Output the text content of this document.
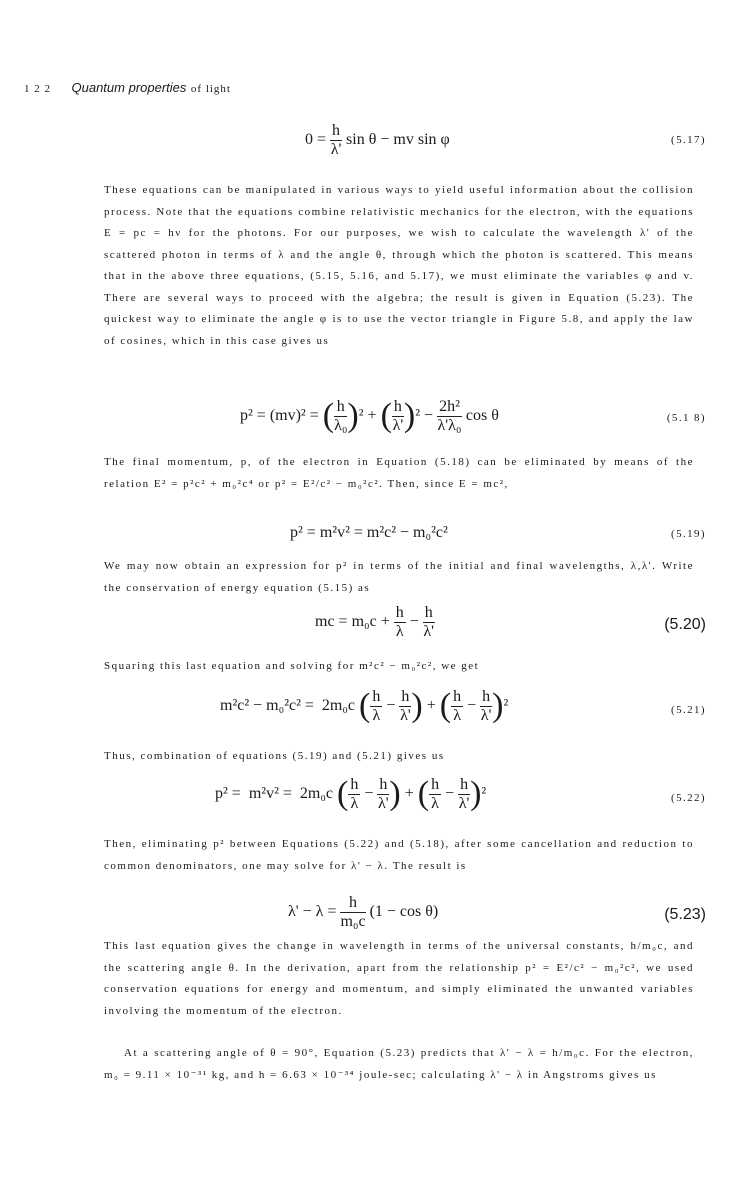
1 2 2 Quantum properties of light
$0 = \frac{h}{\lambda'}$ sin θ − mv sin φ	(5.17)
These equations can be manipulated in various ways to yield useful information about the collision process. Note that the equations combine relativistic mechanics for the electron, with the equations E = pc = hν for the photons. For our purposes, we wish to calculate the wavelength λ' of the scattered photon in terms of λ and the angle θ, through which the photon is scattered. This means that in the above three equations, (5.15, 5.16, and 5.17), we must eliminate the variables φ and v. There are several ways to proceed with the algebra; the result is given in Equation (5.23). The quickest way to eliminate the angle φ is to use the vector triangle in Figure 5.8, and apply the law of cosines, which in this case gives us
p² = (mv)² = ( $\frac{h}{\text{λ₀}} )^2$ + ( $\frac{h}{\lambda'} )^2 - \frac{\text{2h²}}{\text{λ'λ₀}}$ cos θ	(5.1 8)
The final momentum, p, of the electron in Equation (5.18) can be eliminated by means of the relation E² = p²c² + m₀²c⁴ or p² = E²/c² − m₀²c². Then, since E = mc²,
p² = m²v² = m²c² − m₀²c²	(5.19)
We may now obtain an expression for p² in terms of the initial and final wavelengths, λ,λ'. Write the conservation of energy equation (5.15) as
mc = $m_0c + \frac{h}{\lambda} - \frac{h}{\lambda'}$	(5.20)
Squaring this last equation and solving for m²c² − m₀²c², we get
m²c² − m₀²c² =  2m₀c ( $\frac{h}{\lambda} - \frac{h}{\lambda'}$ ) + ( $\frac{h}{\lambda} - \frac{h}{\lambda'} )^2$	(5.21)
Thus, combination of equations (5.19) and (5.21) gives us
p² =  m²v² =  2m₀c ( $\frac{h}{\lambda} - \frac{h}{\lambda'}$ ) + ( $\frac{h}{\lambda} - \frac{h}{\lambda'} )^2$	(5.22)
Then, eliminating p² between Equations (5.22) and (5.18), after some cancellation and reduction to common denominators, one may solve for λ' − λ. The result is
$\lambda' - \lambda = \frac{h}{\text{m₀c}} (1 - \cos \theta)$	(5.23)
This last equation gives the change in wavelength in terms of the universal constants, h/m₀c, and the scattering angle θ. In the derivation, apart from the relationship p² = E²/c² − m₀²c², we used conservation equations for energy and momentum, and simply eliminated the unwanted variables involving the momentum of the electron.
At a scattering angle of θ = 90°, Equation (5.23) predicts that λ' − λ = h/m₀c. For the electron, m₀ = 9.11 × 10⁻³¹ kg, and h = 6.63 × 10⁻³⁴ joule-sec; calculating λ' − λ in Angstroms gives us
